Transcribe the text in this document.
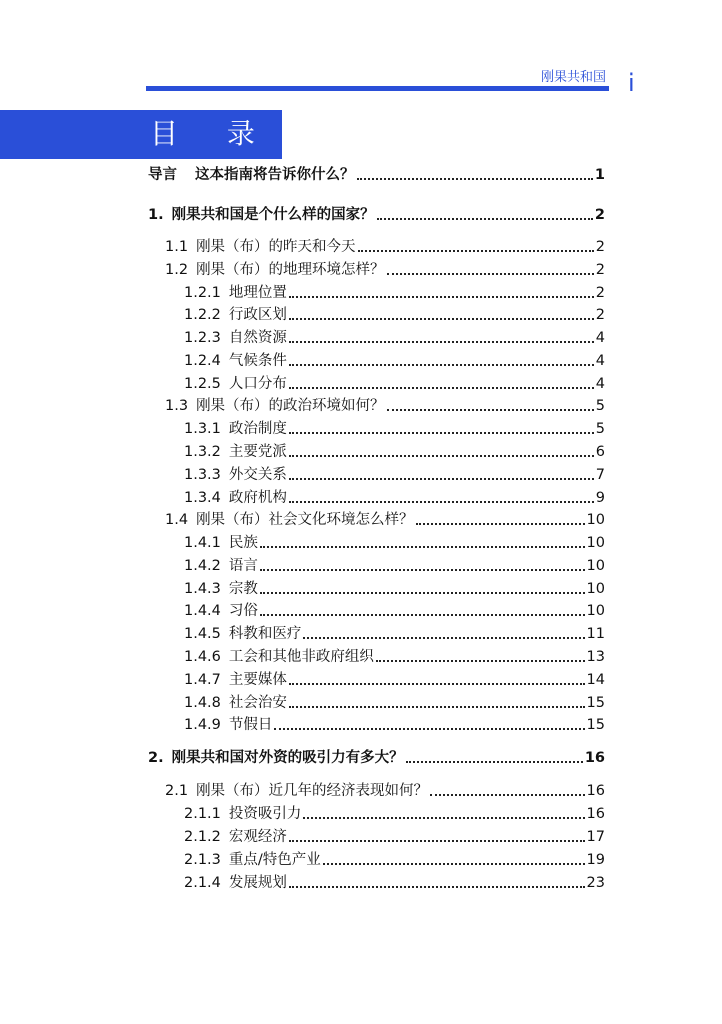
刚果共和国 i
目 录
导言 这本指南将告诉你什么？	1
1. 刚果共和国是个什么样的国家？	2
1.1 刚果（布）的昨天和今天	2
1.2 刚果（布）的地理环境怎样？	2
1.2.1 地理位置	2
1.2.2 行政区划	2
1.2.3 自然资源	4
1.2.4 气候条件	4
1.2.5 人口分布	4
1.3 刚果（布）的政治环境如何？	5
1.3.1 政治制度	5
1.3.2 主要党派	6
1.3.3 外交关系	7
1.3.4 政府机构	9
1.4 刚果（布）社会文化环境怎么样？	10
1.4.1 民族	10
1.4.2 语言	10
1.4.3 宗教	10
1.4.4 习俗	10
1.4.5 科教和医疗	11
1.4.6 工会和其他非政府组织	13
1.4.7 主要媒体	14
1.4.8 社会治安	15
1.4.9 节假日	15
2. 刚果共和国对外资的吸引力有多大？	16
2.1 刚果（布）近几年的经济表现如何？	16
2.1.1 投资吸引力	16
2.1.2 宏观经济	17
2.1.3 重点/特色产业	19
2.1.4 发展规划	23
